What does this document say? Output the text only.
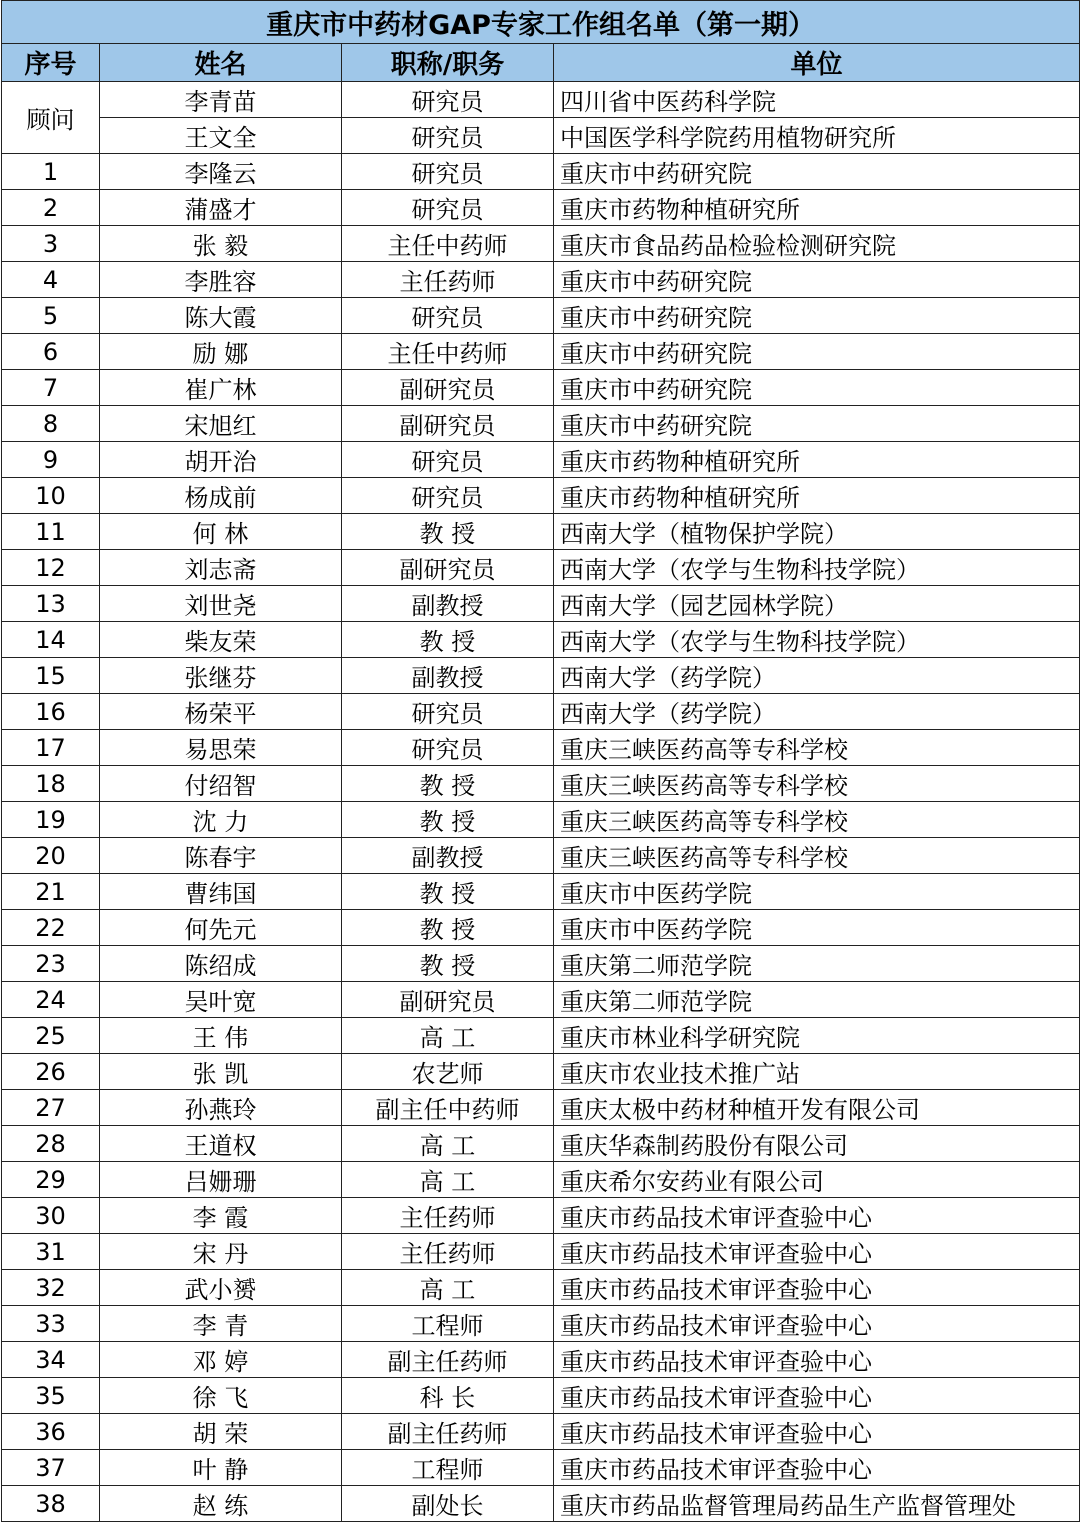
重庆市中药材GAP专家工作组名单（第一期）			
序号	姓名	职称/职务	单位
顾问	李青苗	研究员	四川省中医药科学院
	王文全	研究员	中国医学科学院药用植物研究所
1	李隆云	研究员	重庆市中药研究院
2	蒲盛才	研究员	重庆市药物种植研究所
3	张 毅	主任中药师	重庆市食品药品检验检测研究院
4	李胜容	主任药师	重庆市中药研究院
5	陈大霞	研究员	重庆市中药研究院
6	励 娜	主任中药师	重庆市中药研究院
7	崔广林	副研究员	重庆市中药研究院
8	宋旭红	副研究员	重庆市中药研究院
9	胡开治	研究员	重庆市药物种植研究所
10	杨成前	研究员	重庆市药物种植研究所
11	何 林	教 授	西南大学（植物保护学院）
12	刘志斋	副研究员	西南大学（农学与生物科技学院）
13	刘世尧	副教授	西南大学（园艺园林学院）
14	柴友荣	教 授	西南大学（农学与生物科技学院）
15	张继芬	副教授	西南大学（药学院）
16	杨荣平	研究员	西南大学（药学院）
17	易思荣	研究员	重庆三峡医药高等专科学校
18	付绍智	教 授	重庆三峡医药高等专科学校
19	沈 力	教 授	重庆三峡医药高等专科学校
20	陈春宇	副教授	重庆三峡医药高等专科学校
21	曹纬国	教 授	重庆市中医药学院
22	何先元	教 授	重庆市中医药学院
23	陈绍成	教 授	重庆第二师范学院
24	吴叶宽	副研究员	重庆第二师范学院
25	王 伟	高 工	重庆市林业科学研究院
26	张 凯	农艺师	重庆市农业技术推广站
27	孙燕玲	副主任中药师	重庆太极中药材种植开发有限公司
28	王道权	高 工	重庆华森制药股份有限公司
29	吕姗珊	高 工	重庆希尔安药业有限公司
30	李 霞	主任药师	重庆市药品技术审评查验中心
31	宋 丹	主任药师	重庆市药品技术审评查验中心
32	武小赟	高 工	重庆市药品技术审评查验中心
33	李 青	工程师	重庆市药品技术审评查验中心
34	邓 婷	副主任药师	重庆市药品技术审评查验中心
35	徐 飞	科 长	重庆市药品技术审评查验中心
36	胡 荣	副主任药师	重庆市药品技术审评查验中心
37	叶 静	工程师	重庆市药品技术审评查验中心
38	赵 练	副处长	重庆市药品监督管理局药品生产监督管理处
